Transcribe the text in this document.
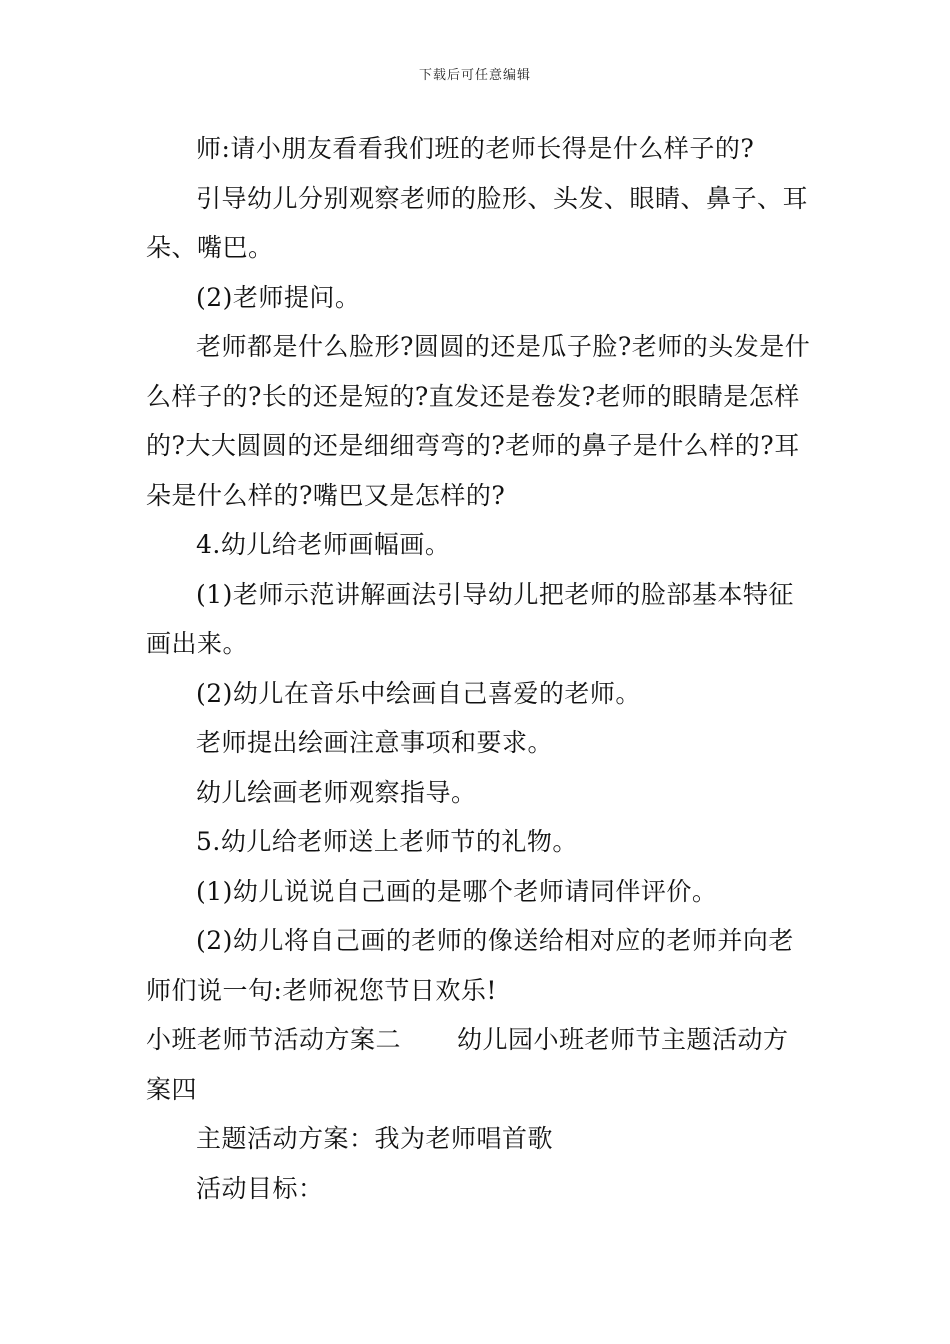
下载后可任意编辑

师:请小朋友看看我们班的老师长得是什么样子的?

引导幼儿分别观察老师的脸形、头发、眼睛、鼻子、耳朵、嘴巴。

(2)老师提问。

老师都是什么脸形?圆圆的还是瓜子脸?老师的头发是什么样子的?长的还是短的?直发还是卷发?老师的眼睛是怎样的?大大圆圆的还是细细弯弯的?老师的鼻子是什么样的?耳朵是什么样的?嘴巴又是怎样的?

4.幼儿给老师画幅画。

(1)老师示范讲解画法引导幼儿把老师的脸部基本特征画出来。

(2)幼儿在音乐中绘画自己喜爱的老师。

老师提出绘画注意事项和要求。

幼儿绘画老师观察指导。

5.幼儿给老师送上老师节的礼物。

(1)幼儿说说自己画的是哪个老师请同伴评价。

(2)幼儿将自己画的老师的像送给相对应的老师并向老师们说一句:老师祝您节日欢乐!

小班老师节活动方案二 幼儿园小班老师节主题活动方案四

主题活动方案：我为老师唱首歌

活动目标：
